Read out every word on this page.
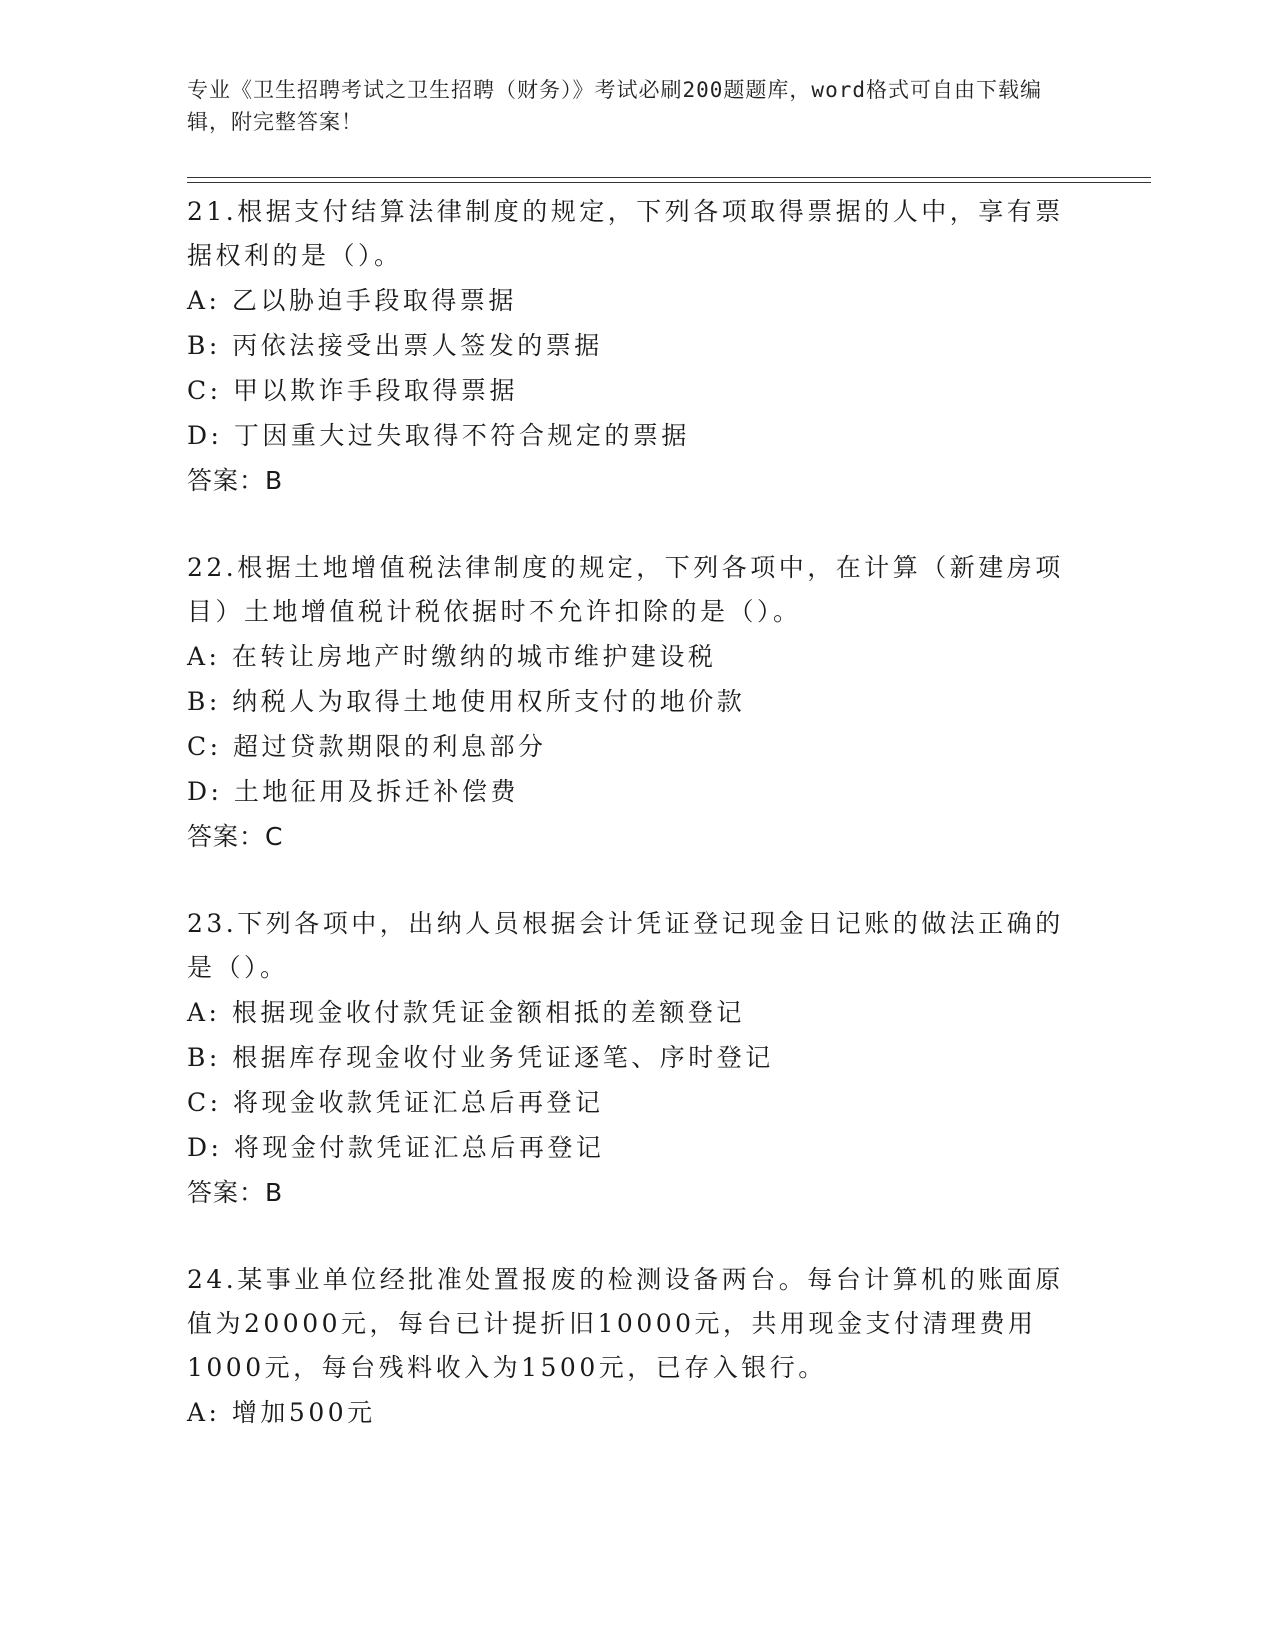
专业《卫生招聘考试之卫生招聘（财务）》考试必刷200题题库，word格式可自由下载编辑，附完整答案！

21.根据支付结算法律制度的规定，下列各项取得票据的人中，享有票据权利的是（）。

A: 乙以胁迫手段取得票据

B: 丙依法接受出票人签发的票据

C: 甲以欺诈手段取得票据

D: 丁因重大过失取得不符合规定的票据

答案：B

22.根据土地增值税法律制度的规定，下列各项中，在计算（新建房项目）土地增值税计税依据时不允许扣除的是（）。

A: 在转让房地产时缴纳的城市维护建设税

B: 纳税人为取得土地使用权所支付的地价款

C: 超过贷款期限的利息部分

D: 土地征用及拆迁补偿费

答案：C

23.下列各项中，出纳人员根据会计凭证登记现金日记账的做法正确的是（）。

A: 根据现金收付款凭证金额相抵的差额登记

B: 根据库存现金收付业务凭证逐笔、序时登记

C: 将现金收款凭证汇总后再登记

D: 将现金付款凭证汇总后再登记

答案：B

24.某事业单位经批准处置报废的检测设备两台。每台计算机的账面原值为20000元，每台已计提折旧10000元，共用现金支付清理费用1000元，每台残料收入为1500元，已存入银行。

A: 增加500元
